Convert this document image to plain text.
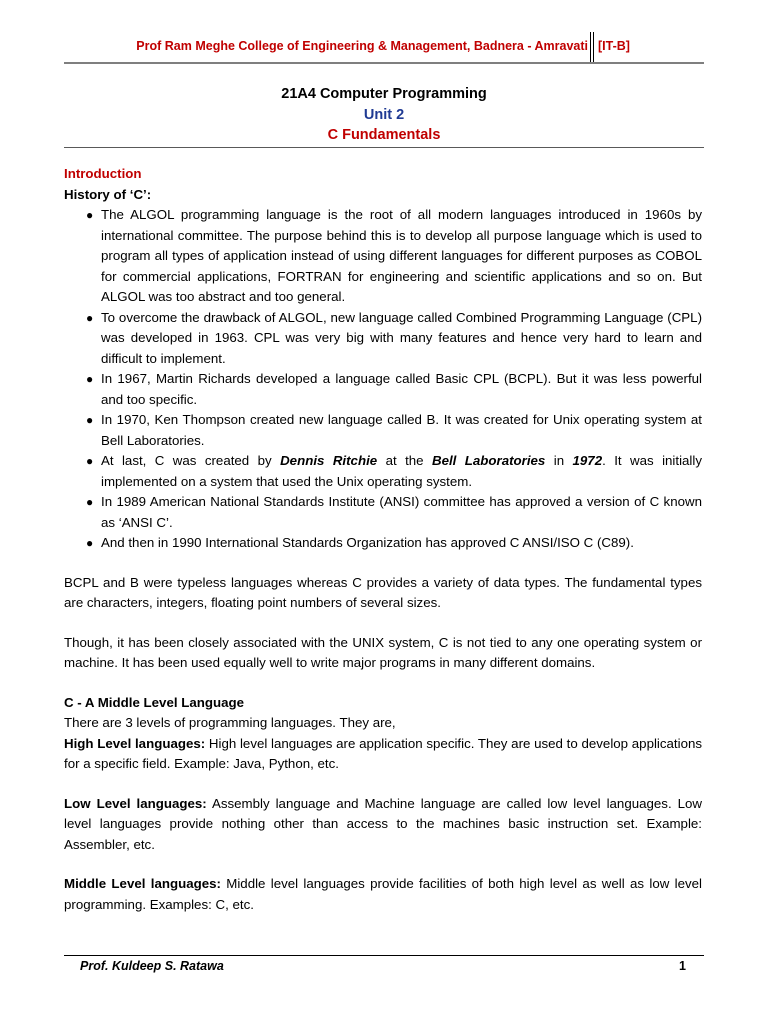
Prof Ram Meghe College of Engineering & Management, Badnera - Amravati [IT-B]

21A4 Computer Programming

Unit 2

C Fundamentals

Introduction

History of ‘C’:

● The ALGOL programming language is the root of all modern languages introduced in 1960s by international committee. The purpose behind this is to develop all purpose language which is used to program all types of application instead of using different languages for different purposes as COBOL for commercial applications, FORTRAN for engineering and scientific applications and so on. But ALGOL was too abstract and too general.
● To overcome the drawback of ALGOL, new language called Combined Programming Language (CPL) was developed in 1963. CPL was very big with many features and hence very hard to learn and difficult to implement.
● In 1967, Martin Richards developed a language called Basic CPL (BCPL). But it was less powerful and too specific.
● In 1970, Ken Thompson created new language called B. It was created for Unix operating system at Bell Laboratories.
● At last, C was created by Dennis Ritchie at the Bell Laboratories in 1972. It was initially implemented on a system that used the Unix operating system.
● In 1989 American National Standards Institute (ANSI) committee has approved a version of C known as ‘ANSI C’.
● And then in 1990 International Standards Organization has approved C ANSI/ISO C (C89).

BCPL and B were typeless languages whereas C provides a variety of data types. The fundamental types are characters, integers, floating point numbers of several sizes.

Though, it has been closely associated with the UNIX system, C is not tied to any one operating system or machine. It has been used equally well to write major programs in many different domains.

C - A Middle Level Language

There are 3 levels of programming languages. They are,

High Level languages: High level languages are application specific. They are used to develop applications for a specific field. Example: Java, Python, etc.

Low Level languages: Assembly language and Machine language are called low level languages. Low level languages provide nothing other than access to the machines basic instruction set. Example: Assembler, etc.

Middle Level languages: Middle level languages provide facilities of both high level as well as low level programming. Examples: C, etc.

Prof. Kuldeep S. Ratawa	1
